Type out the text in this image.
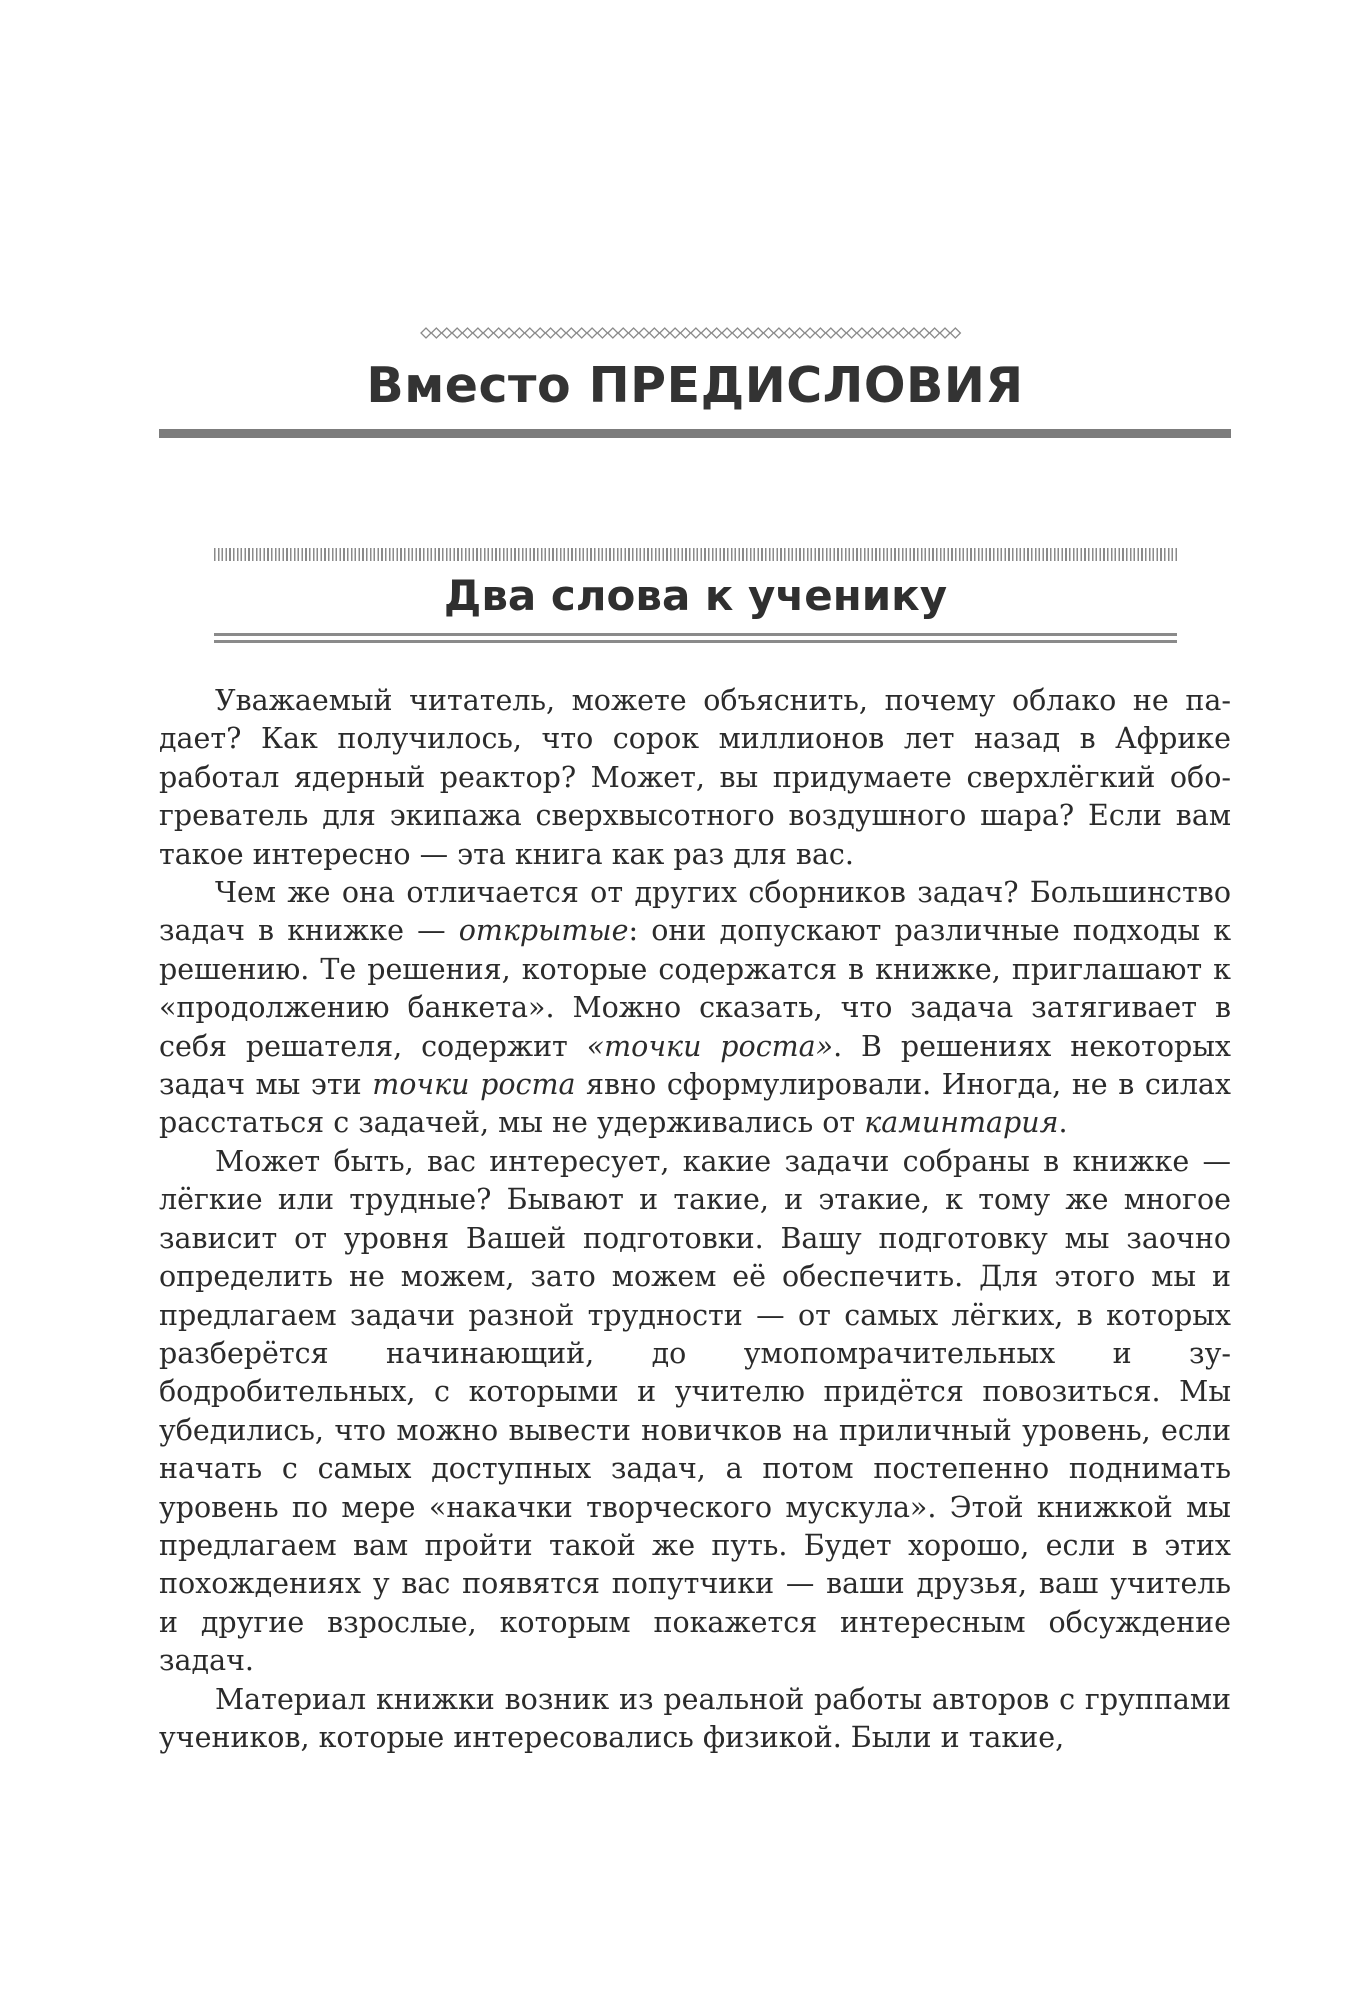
Вместо ПРЕДИСЛОВИЯ
Два слова к ученику

Уважаемый читатель, можете объяснить, почему облако не падает? Как получилось, что сорок миллионов лет назад в Африке работал ядерный реактор? Может, вы придумаете сверхлёгкий обогреватель для экипажа сверхвысотного воздушного шара? Если вам такое интересно — эта книга как раз для вас.

Чем же она отличается от других сборников задач? Большинство задач в книжке — открытые: они допускают различные подходы к решению. Те решения, которые содержатся в книжке, приглашают к «продолжению банкета». Можно сказать, что задача затягивает в себя решателя, содержит «точки роста». В решениях некоторых задач мы эти точки роста явно сформулировали. Иногда, не в силах расстаться с задачей, мы не удерживались от каминтария.

Может быть, вас интересует, какие задачи собраны в книжке — лёгкие или трудные? Бывают и такие, и этакие, к тому же многое зависит от уровня Вашей подготовки. Вашу подготовку мы заочно определить не можем, зато можем её обеспечить. Для этого мы и предлагаем задачи разной трудности — от самых лёгких, в которых разберётся начинающий, до умопомрачительных и зубодробительных, с которыми и учителю придётся повозиться. Мы убедились, что можно вывести новичков на приличный уровень, если начать с самых доступных задач, а потом постепенно поднимать уровень по мере «накачки творческого мускула». Этой книжкой мы предлагаем вам пройти такой же путь. Будет хорошо, если в этих похождениях у вас появятся попутчики — ваши друзья, ваш учитель и другие взрослые, которым покажется интересным обсуждение задач.

Материал книжки возник из реальной работы авторов с группами учеников, которые интересовались физикой. Были и такие,
